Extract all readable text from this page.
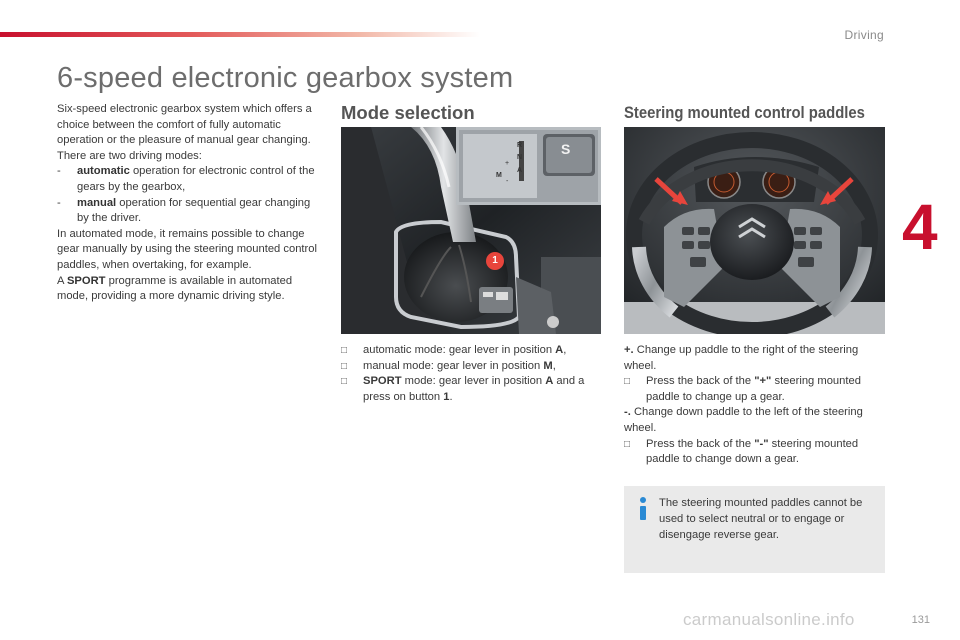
Driving
6-speed electronic gearbox system
4

Six-speed electronic gearbox system which offers a choice between the comfort of fully automatic operation or the pleasure of manual gear changing.

There are two driving modes:

-	automatic operation for electronic control of the gears by the gearbox,
-	manual operation for sequential gear changing by the driver.

In automated mode, it remains possible to change gear manually by using the steering mounted control paddles, when overtaking, for example.

A SPORT programme is available in automated mode, providing a more dynamic driving style.

Mode selection	Steering mounted control paddles
R
N
A
M
+
-
S
1
□	automatic mode: gear lever in position A,
□	manual mode: gear lever in position M,
□	SPORT mode: gear lever in position A and a press on button 1.
+. Change up paddle to the right of the steering wheel.
□	Press the back of the "+" steering mounted paddle to change up a gear.
-. Change down paddle to the left of the steering wheel.
□	Press the back of the "-" steering mounted paddle to change down a gear.
The steering mounted paddles cannot be used to select neutral or to engage or disengage reverse gear.
carmanualsonline.info	131
